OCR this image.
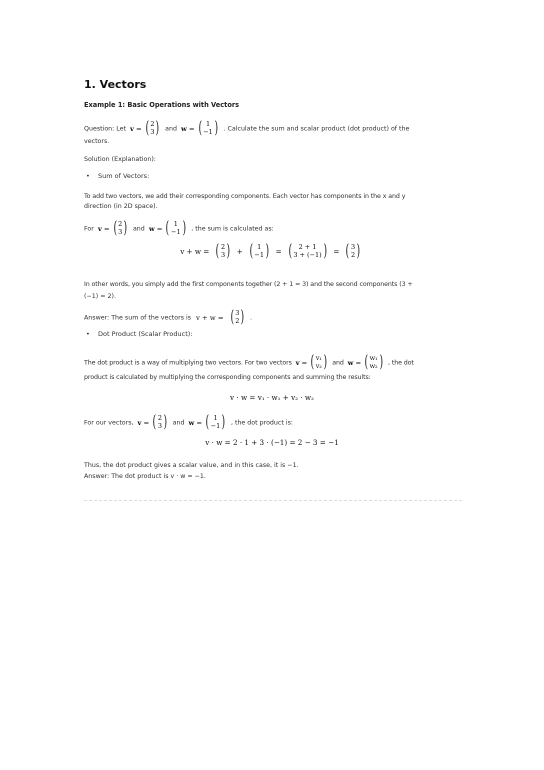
1. Vectors
Example 1: Basic Operations with Vectors
Question: Let v = ( 2
3 ) and w = ( 1
−1 ) . Calculate the sum and scalar product (dot product) of the
vectors.
Solution (Explanation):
• Sum of Vectors:
To add two vectors, we add their corresponding components. Each vector has components in the x and y
direction (in 2D space).
For v = ( 2
3 ) and w = ( 1
−1 ) , the sum is calculated as:
v + w = ( 2
3 ) + ( 1
−1 ) = ( 2 + 1
3 + (−1) ) = ( 3
2 )
In other words, you simply add the first components together (2 + 1 = 3) and the second components (3 +
(−1) = 2).
Answer: The sum of the vectors is v + w = ( 3
2 ) .
• Dot Product (Scalar Product):
The dot product is a way of multiplying two vectors. For two vectors v = ( v₁
v₂ ) and w = ( w₁
w₂ ) , the dot
product is calculated by multiplying the corresponding components and summing the results:
v · w = v₁ · w₁ + v₂ · w₂
For our vectors, v = ( 2
3 ) and w = ( 1
−1 ) , the dot product is:
v · w = 2 · 1 + 3 · (−1) = 2 − 3 = −1
Thus, the dot product gives a scalar value, and in this case, it is −1.
Answer: The dot product is v · w = −1.
